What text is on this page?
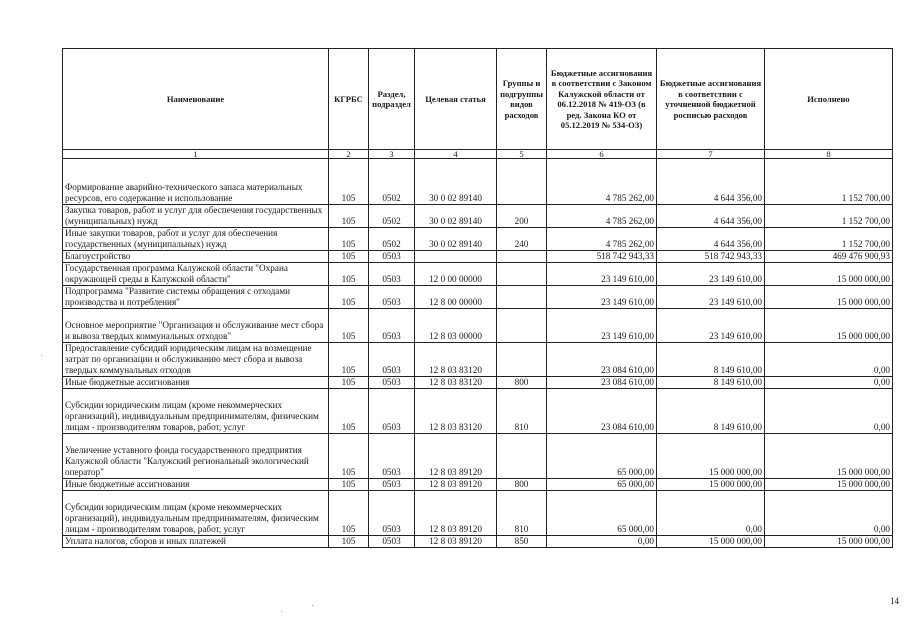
Наименование	КГРБС	Раздел, подраздел	Целевая статья	Группы и подгруппы видов расходов	Бюджетные ассигнования в соответствии с Законом Калужской области от 06.12.2018 № 419-ОЗ (в ред. Закона КО от 05.12.2019 № 534-ОЗ)	Бюджетные ассигнования в соответствии с уточненной бюджетной росписью расходов	Исполнено
1	2	3	4	5	6	7	8
Формирование аварийно-технического запаса материальных ресурсов, его содержание и использование	105	0502	30 0 02 89140		4 785 262,00	4 644 356,00	1 152 700,00
Закупка товаров, работ и услуг для обеспечения государственных (муниципальных) нужд	105	0502	30 0 02 89140	200	4 785 262,00	4 644 356,00	1 152 700,00
Иные закупки товаров, работ и услуг для обеспечения государственных (муниципальных) нужд	105	0502	30 0 02 89140	240	4 785 262,00	4 644 356,00	1 152 700,00
Благоустройство	105	0503			518 742 943,33	518 742 943,33	469 476 900,93
Государственная программа Калужской области "Охрана окружающей среды в Калужской области"	105	0503	12 0 00 00000		23 149 610,00	23 149 610,00	15 000 000,00
Подпрограмма "Развитие системы обращения с отходами производства и потребления"	105	0503	12 8 00 00000		23 149 610,00	23 149 610,00	15 000 000,00
Основное мероприятие "Организация и обслуживание мест сбора и вывоза твердых коммунальных отходов"	105	0503	12 8 03 00000		23 149 610,00	23 149 610,00	15 000 000,00
Предоставление субсидий юридическим лицам на возмещение затрат по организации и обслуживанию мест сбора и вывоза твердых коммунальных отходов	105	0503	12 8 03 83120		23 084 610,00	8 149 610,00	0,00
Иные бюджетные ассигнования	105	0503	12 8 03 83120	800	23 084 610,00	8 149 610,00	0,00
Субсидии юридическим лицам (кроме некоммерческих организаций), индивидуальным предпринимателям, физическим лицам - производителям товаров, работ, услуг	105	0503	12 8 03 83120	810	23 084 610,00	8 149 610,00	0,00
Увеличение уставного фонда государственного предприятия Калужской области "Калужский региональный экологический оператор"	105	0503	12 8 03 89120		65 000,00	15 000 000,00	15 000 000,00
Иные бюджетные ассигнования	105	0503	12 8 03 89120	800	65 000,00	15 000 000,00	15 000 000,00
Субсидии юридическим лицам (кроме некоммерческих организаций), индивидуальным предпринимателям, физическим лицам - производителям товаров, работ, услуг	105	0503	12 8 03 89120	810	65 000,00	0,00	0,00
Уплата налогов, сборов и иных платежей	105	0503	12 8 03 89120	850	0,00	15 000 000,00	15 000 000,00
14
